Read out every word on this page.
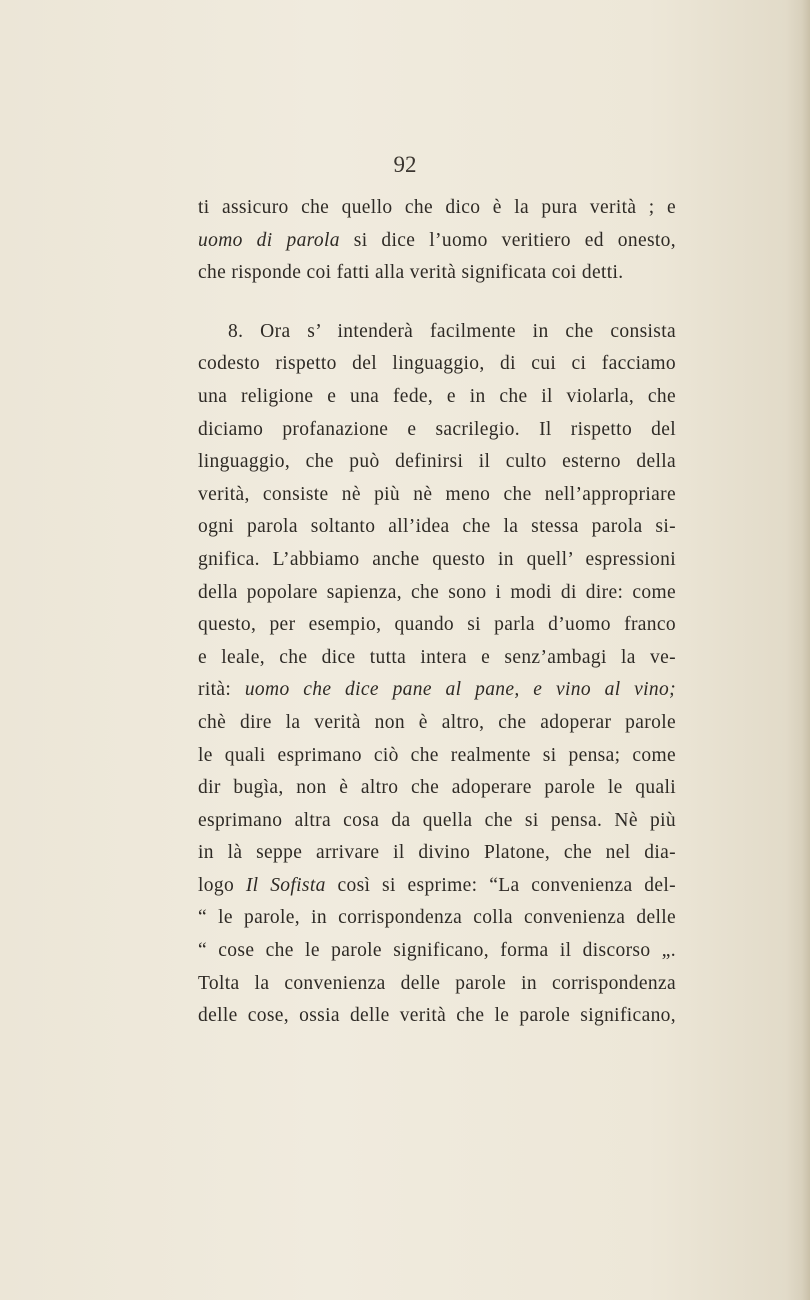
92
ti assicuro che quello che dico è la pura verità ; e
uomo di parola si dice l’uomo veritiero ed onesto,
che risponde coi fatti alla verità significata coi detti.
8. Ora s’ intenderà facilmente in che consista
codesto rispetto del linguaggio, di cui ci facciamo
una religione e una fede, e in che il violarla, che
diciamo profanazione e sacrilegio. Il rispetto del
linguaggio, che può definirsi il culto esterno della
verità, consiste nè più nè meno che nell’appropriare
ogni parola soltanto all’idea che la stessa parola si-
gnifica. L’abbiamo anche questo in quell’ espressioni
della popolare sapienza, che sono i modi di dire: come
questo, per esempio, quando si parla d’uomo franco
e leale, che dice tutta intera e senz’ambagi la ve-
rità: uomo che dice pane al pane, e vino al vino;
chè dire la verità non è altro, che adoperar parole
le quali esprimano ciò che realmente si pensa; come
dir bugìa, non è altro che adoperare parole le quali
esprimano altra cosa da quella che si pensa. Nè più
in là seppe arrivare il divino Platone, che nel dia-
logo Il Sofista così si esprime: “La convenienza del-
“ le parole, in corrispondenza colla convenienza delle
“ cose che le parole significano, forma il discorso „.
Tolta la convenienza delle parole in corrispondenza
delle cose, ossia delle verità che le parole significano,
